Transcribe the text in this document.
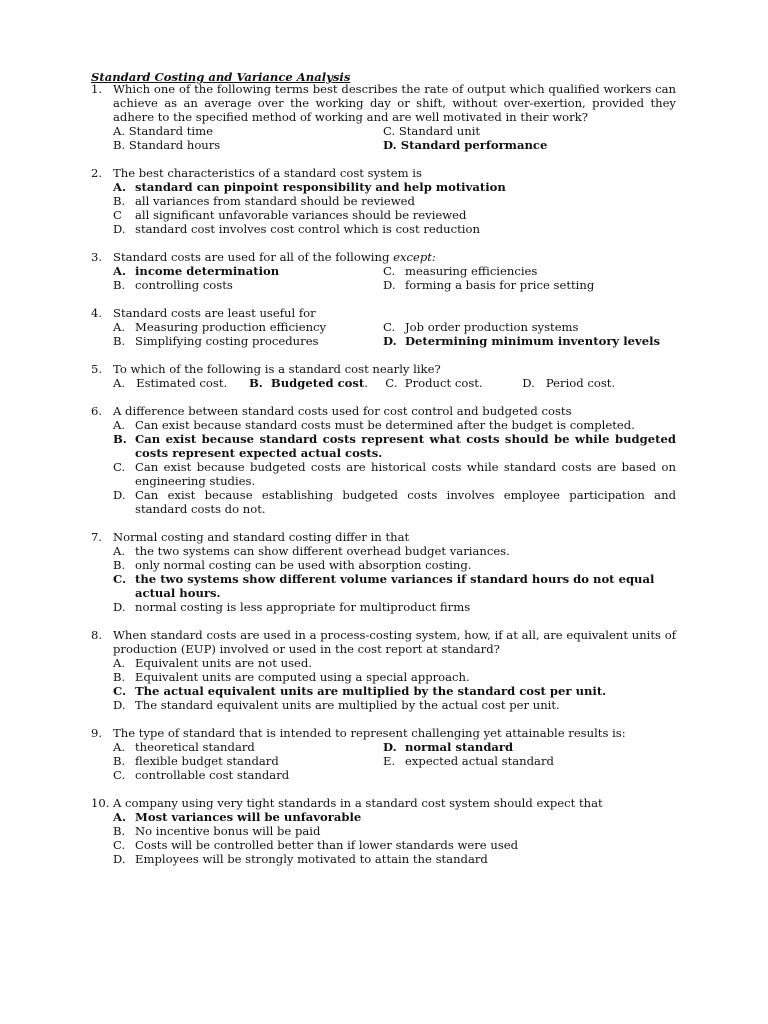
Standard Costing and Variance Analysis
1. Which one of the following terms best describes the rate of output which qualified workers can achieve as an average over the working day or shift, without over-exertion, provided they adhere to the specified method of working and are well motivated in their work?
A. Standard time	C. Standard unit
B. Standard hours	D. Standard performance
2. The best characteristics of a standard cost system is
A. standard can pinpoint responsibility and help motivation
B. all variances from standard should be reviewed
C	all significant unfavorable variances should be reviewed
D. standard cost involves cost control which is cost reduction
3. Standard costs are used for all of the following except:
A. income determination	C. measuring efficiencies
B. controlling costs	D. forming a basis for price setting
4. Standard costs are least useful for
A. Measuring production efficiency	C. Job order production systems
B. Simplifying costing procedures	D. Determining minimum inventory levels
5. To which of the following is a standard cost nearly like?
A.   Estimated cost.	B.  Budgeted cost .	C.  Product cost.	D.   Period cost.
6. A difference between standard costs used for cost control and budgeted costs
A. Can exist because standard costs must be determined after the budget is completed.
B. Can exist because standard costs represent what costs should be while budgeted costs represent expected actual costs.
C. Can exist because budgeted costs are historical costs while standard costs are based on engineering studies.
D. Can exist because establishing budgeted costs involves employee participation and standard costs do not.
7. Normal costing and standard costing differ in that
A. the two systems can show different overhead budget variances.
B. only normal costing can be used with absorption costing.
C. the two systems show different volume variances if standard hours do not equal actual hours.
D. normal costing is less appropriate for multiproduct firms
8. When standard costs are used in a process-costing system, how, if at all, are equivalent units of production (EUP) involved or used in the cost report at standard?
A. Equivalent units are not used.
B. Equivalent units are computed using a special approach.
C. The actual equivalent units are multiplied by the standard cost per unit.
D. The standard equivalent units are multiplied by the actual cost per unit.
9. The type of standard that is intended to represent challenging yet attainable results is:
A. theoretical standard	D. normal standard
B. flexible budget standard	E. expected actual standard
C. controllable cost standard
10. A company using very tight standards in a standard cost system should expect that
A. Most variances will be unfavorable
B. No incentive bonus will be paid
C. Costs will be controlled better than if lower standards were used
D. Employees will be strongly motivated to attain the standard
